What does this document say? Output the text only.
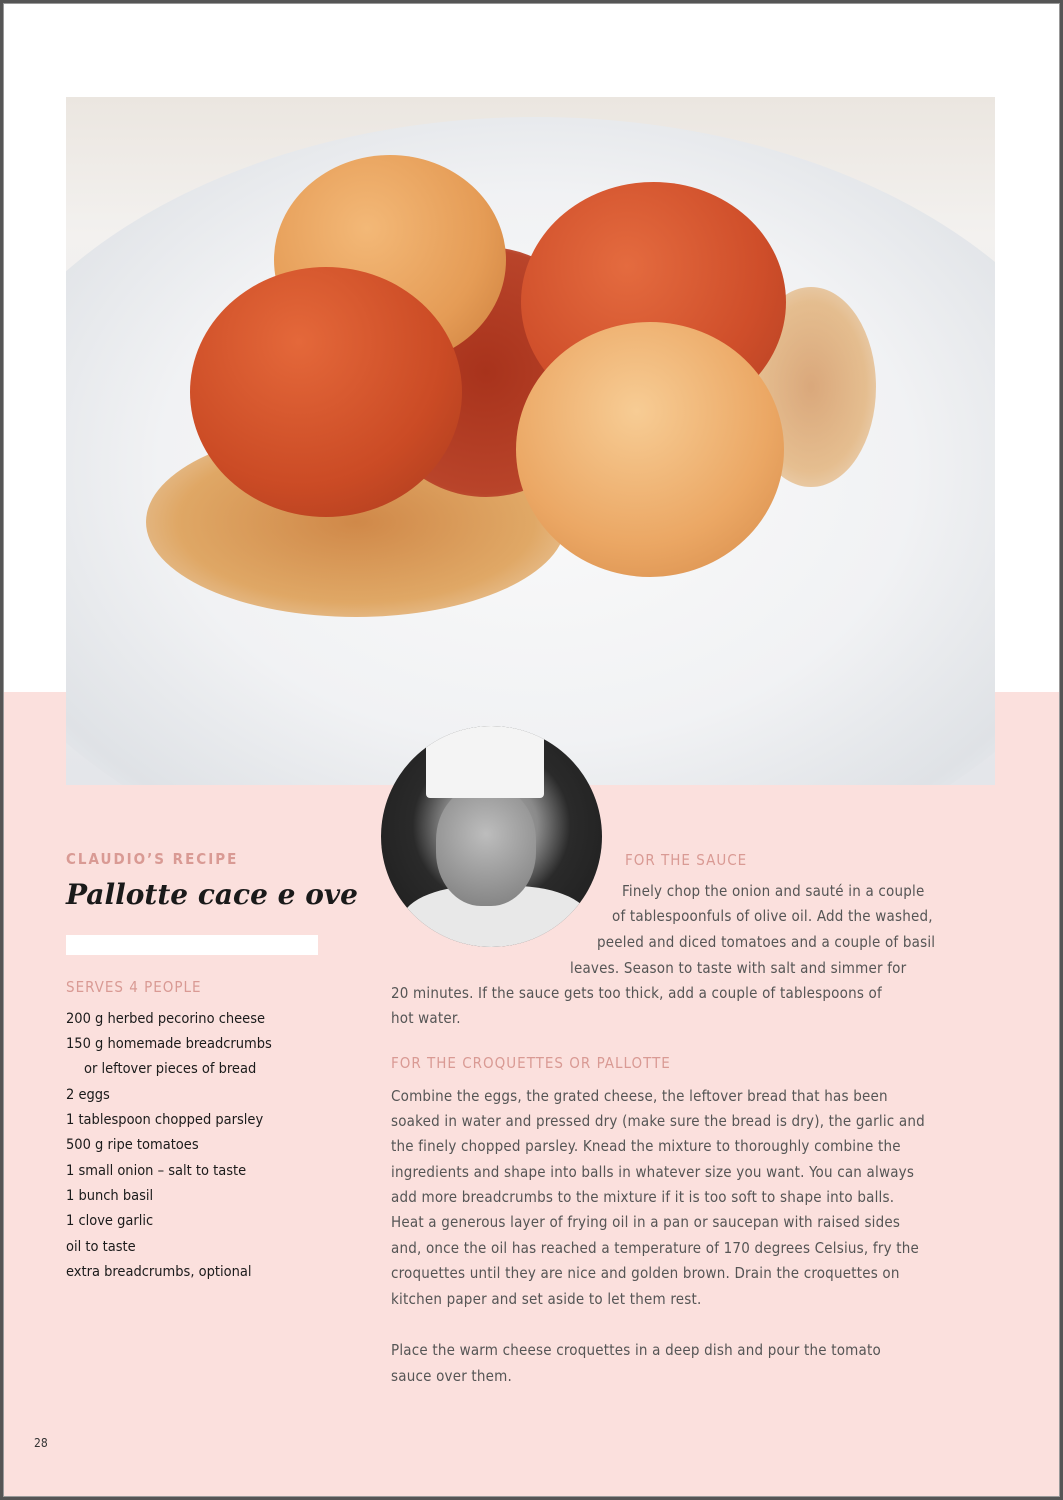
CLAUDIO’S RECIPE
Pallotte cace e ove
SERVES 4 PEOPLE
200 g herbed pecorino cheese
150 g homemade breadcrumbs
or leftover pieces of bread
2 eggs
1 tablespoon chopped parsley
500 g ripe tomatoes
1 small onion – salt to taste
1 bunch basil
1 clove garlic
oil to taste
extra breadcrumbs, optional
FOR THE SAUCE
Finely chop the onion and sauté in a couple
of tablespoonfuls of olive oil. Add the washed,
peeled and diced tomatoes and a couple of basil
leaves. Season to taste with salt and simmer for
20 minutes. If the sauce gets too thick, add a couple of tablespoons of
hot water.
FOR THE CROQUETTES OR PALLOTTE
Combine the eggs, the grated cheese, the leftover bread that has been
soaked in water and pressed dry (make sure the bread is dry), the garlic and
the finely chopped parsley. Knead the mixture to thoroughly combine the
ingredients and shape into balls in whatever size you want. You can always
add more breadcrumbs to the mixture if it is too soft to shape into balls.
Heat a generous layer of frying oil in a pan or saucepan with raised sides
and, once the oil has reached a temperature of 170 degrees Celsius, fry the
croquettes until they are nice and golden brown. Drain the croquettes on
kitchen paper and set aside to let them rest.
Place the warm cheese croquettes in a deep dish and pour the tomato
sauce over them.
28
